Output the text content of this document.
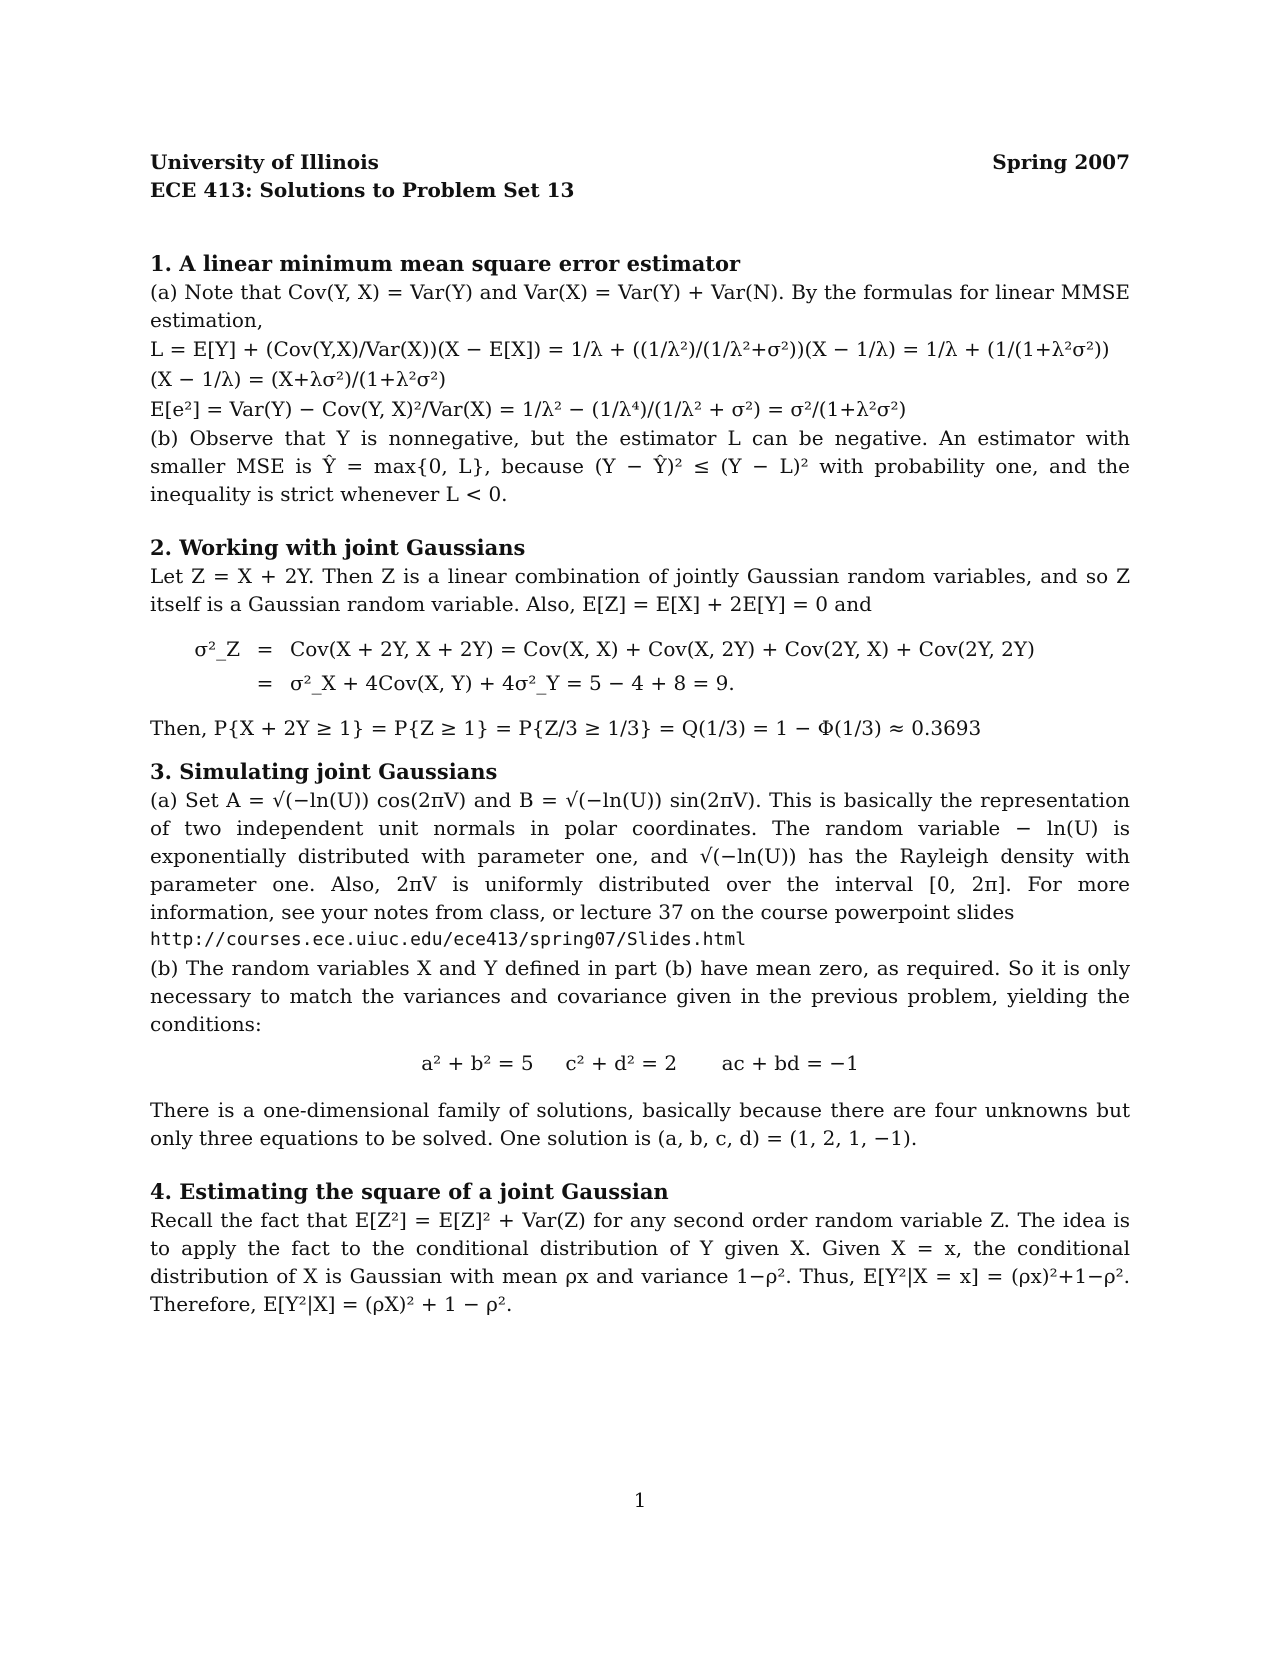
University of Illinois	Spring 2007
ECE 413: Solutions to Problem Set 13
1. A linear minimum mean square error estimator

(a) Note that Cov(Y, X) = Var(Y) and Var(X) = Var(Y) + Var(N). By the formulas for linear MMSE estimation,

L = E[Y] + (Cov(Y,X)/Var(X))(X − E[X]) = 1/λ + ((1/λ²)/(1/λ²+σ²))(X − 1/λ) = 1/λ + (1/(1+λ²σ²))(X − 1/λ) = (X+λσ²)/(1+λ²σ²)
E[e²] = Var(Y) − Cov(Y, X)²/Var(X) = 1/λ² − (1/λ⁴)/(1/λ² + σ²) = σ²/(1+λ²σ²)

(b) Observe that Y is nonnegative, but the estimator L can be negative. An estimator with smaller MSE is Ŷ = max{0, L}, because (Y − Ŷ)² ≤ (Y − L)² with probability one, and the inequality is strict whenever L < 0.

2. Working with joint Gaussians

Let Z = X + 2Y. Then Z is a linear combination of jointly Gaussian random variables, and so Z itself is a Gaussian random variable. Also, E[Z] = E[X] + 2E[Y] = 0 and

σ²_Z = Cov(X + 2Y, X + 2Y) = Cov(X, X) + Cov(X, 2Y) + Cov(2Y, X) + Cov(2Y, 2Y)
= σ²_X + 4Cov(X, Y) + 4σ²_Y = 5 − 4 + 8 = 9.

Then, P{X + 2Y ≥ 1} = P{Z ≥ 1} = P{Z/3 ≥ 1/3} = Q(1/3) = 1 − Φ(1/3) ≈ 0.3693

3. Simulating joint Gaussians

(a) Set A = √(−ln(U)) cos(2πV) and B = √(−ln(U)) sin(2πV). This is basically the representation of two independent unit normals in polar coordinates. The random variable − ln(U) is exponentially distributed with parameter one, and √(−ln(U)) has the Rayleigh density with parameter one. Also, 2πV is uniformly distributed over the interval [0, 2π]. For more information, see your notes from class, or lecture 37 on the course powerpoint slides

http://courses.ece.uiuc.edu/ece413/spring07/Slides.html

(b) The random variables X and Y defined in part (b) have mean zero, as required. So it is only necessary to match the variances and covariance given in the previous problem, yielding the conditions:

a² + b² = 5     c² + d² = 2       ac + bd = −1

There is a one-dimensional family of solutions, basically because there are four unknowns but only three equations to be solved. One solution is (a, b, c, d) = (1, 2, 1, −1).

4. Estimating the square of a joint Gaussian

Recall the fact that E[Z²] = E[Z]² + Var(Z) for any second order random variable Z. The idea is to apply the fact to the conditional distribution of Y given X. Given X = x, the conditional distribution of X is Gaussian with mean ρx and variance 1−ρ². Thus, E[Y²|X = x] = (ρx)²+1−ρ². Therefore, E[Y²|X] = (ρX)² + 1 − ρ².

1
